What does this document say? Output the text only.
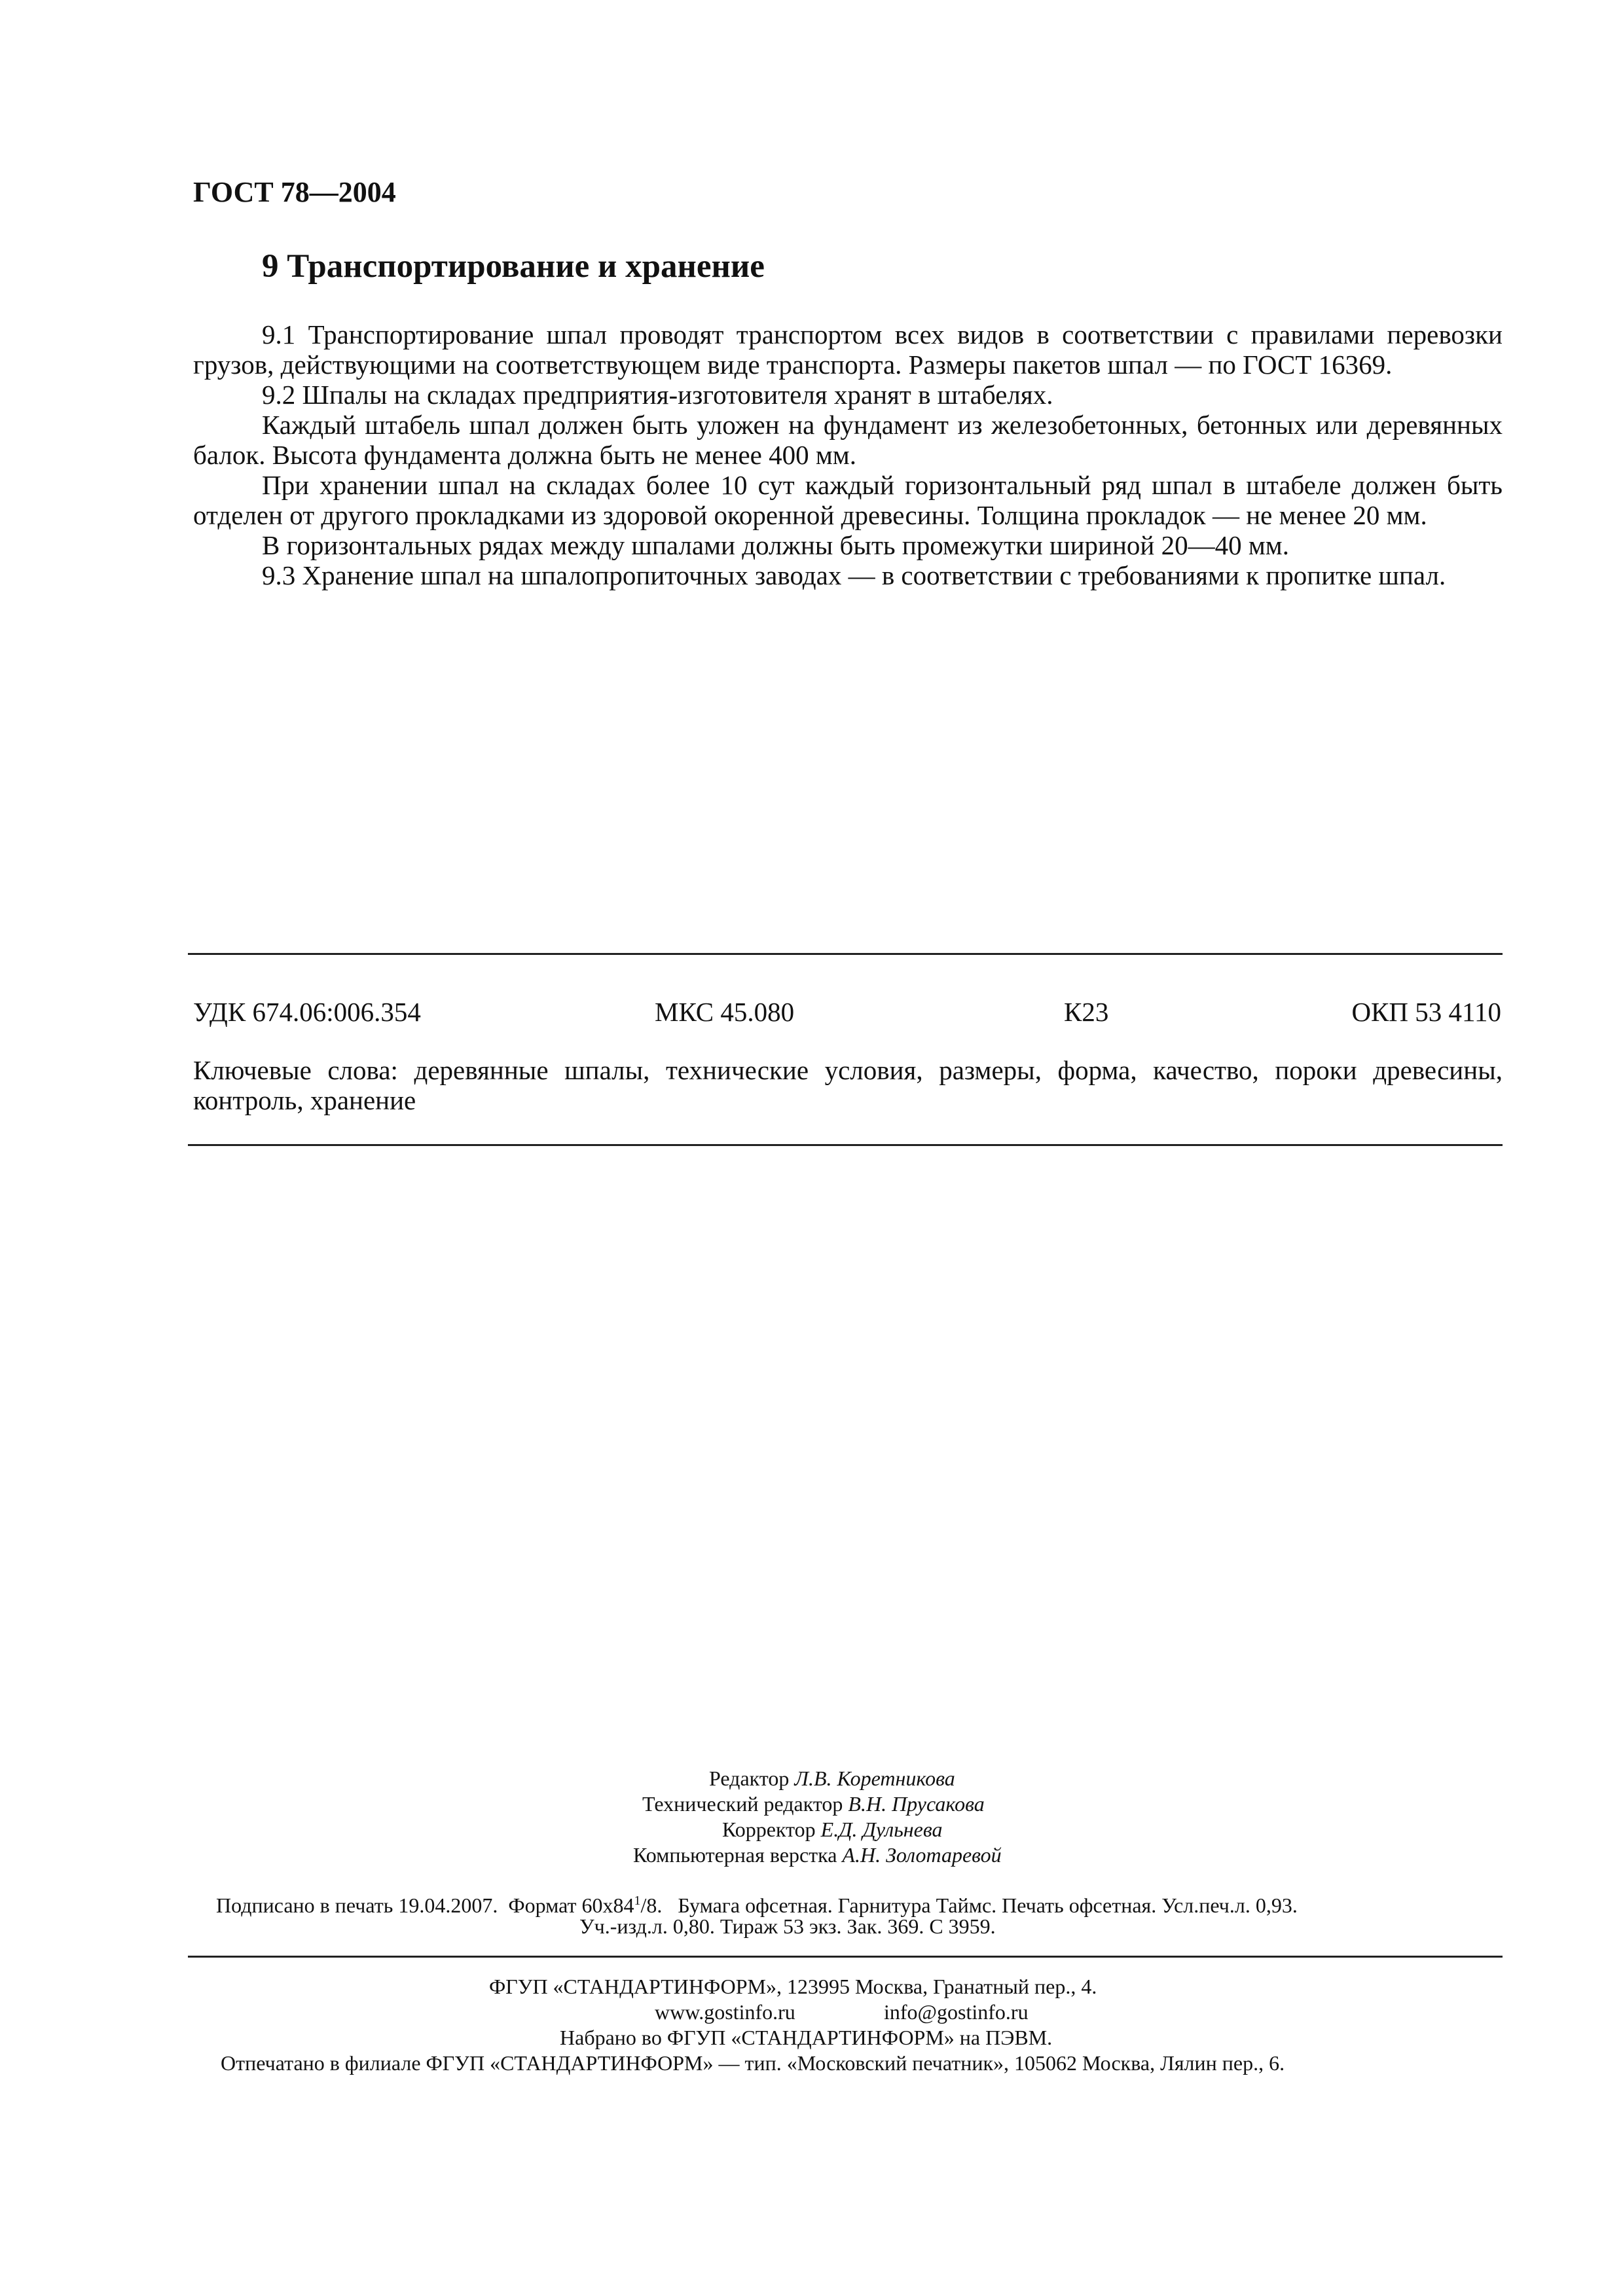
ГОСТ 78—2004
9 Транспортирование и хранение

9.1 Транспортирование шпал проводят транспортом всех видов в соответствии с правилами перевозки грузов, действующими на соответствующем виде транспорта. Размеры пакетов шпал — по ГОСТ 16369.

9.2 Шпалы на складах предприятия-изготовителя хранят в штабелях.

Каждый штабель шпал должен быть уложен на фундамент из железобетонных, бетонных или деревянных балок. Высота фундамента должна быть не менее 400 мм.

При хранении шпал на складах более 10 сут каждый горизонтальный ряд шпал в штабеле должен быть отделен от другого прокладками из здоровой окоренной древесины. Толщина прокладок — не менее 20 мм.

В горизонтальных рядах между шпалами должны быть промежутки шириной 20—40 мм.

9.3 Хранение шпал на шпалопропиточных заводах — в соответствии с требованиями к пропитке шпал.

УДК 674.06:006.354	МКС 45.080	К23	ОКП 53 4110
Ключевые слова: деревянные шпалы, технические условия, размеры, форма, качество, пороки древесины, контроль, хранение
Редактор Л.В. Коретникова
Технический редактор В.Н. Прусакова
Корректор Е.Д. Дульнева
Компьютерная верстка А.Н. Золотаревой
Подписано в печать 19.04.2007. Формат $60x84^1/8$. Бумага офсетная. Гарнитура Таймс. Печать офсетная. Усл.печ.л. 0,93.
Уч.-изд.л. 0,80. Тираж 53 экз. Зак. 369. С 3959.
ФГУП «СТАНДАРТИНФОРМ», 123995 Москва, Гранатный пер., 4.
www.gostinfo.ru	info@gostinfo.ru
Набрано во ФГУП «СТАНДАРТИНФОРМ» на ПЭВМ.
Отпечатано в филиале ФГУП «СТАНДАРТИНФОРМ» — тип. «Московский печатник», 105062 Москва, Лялин пер., 6.
